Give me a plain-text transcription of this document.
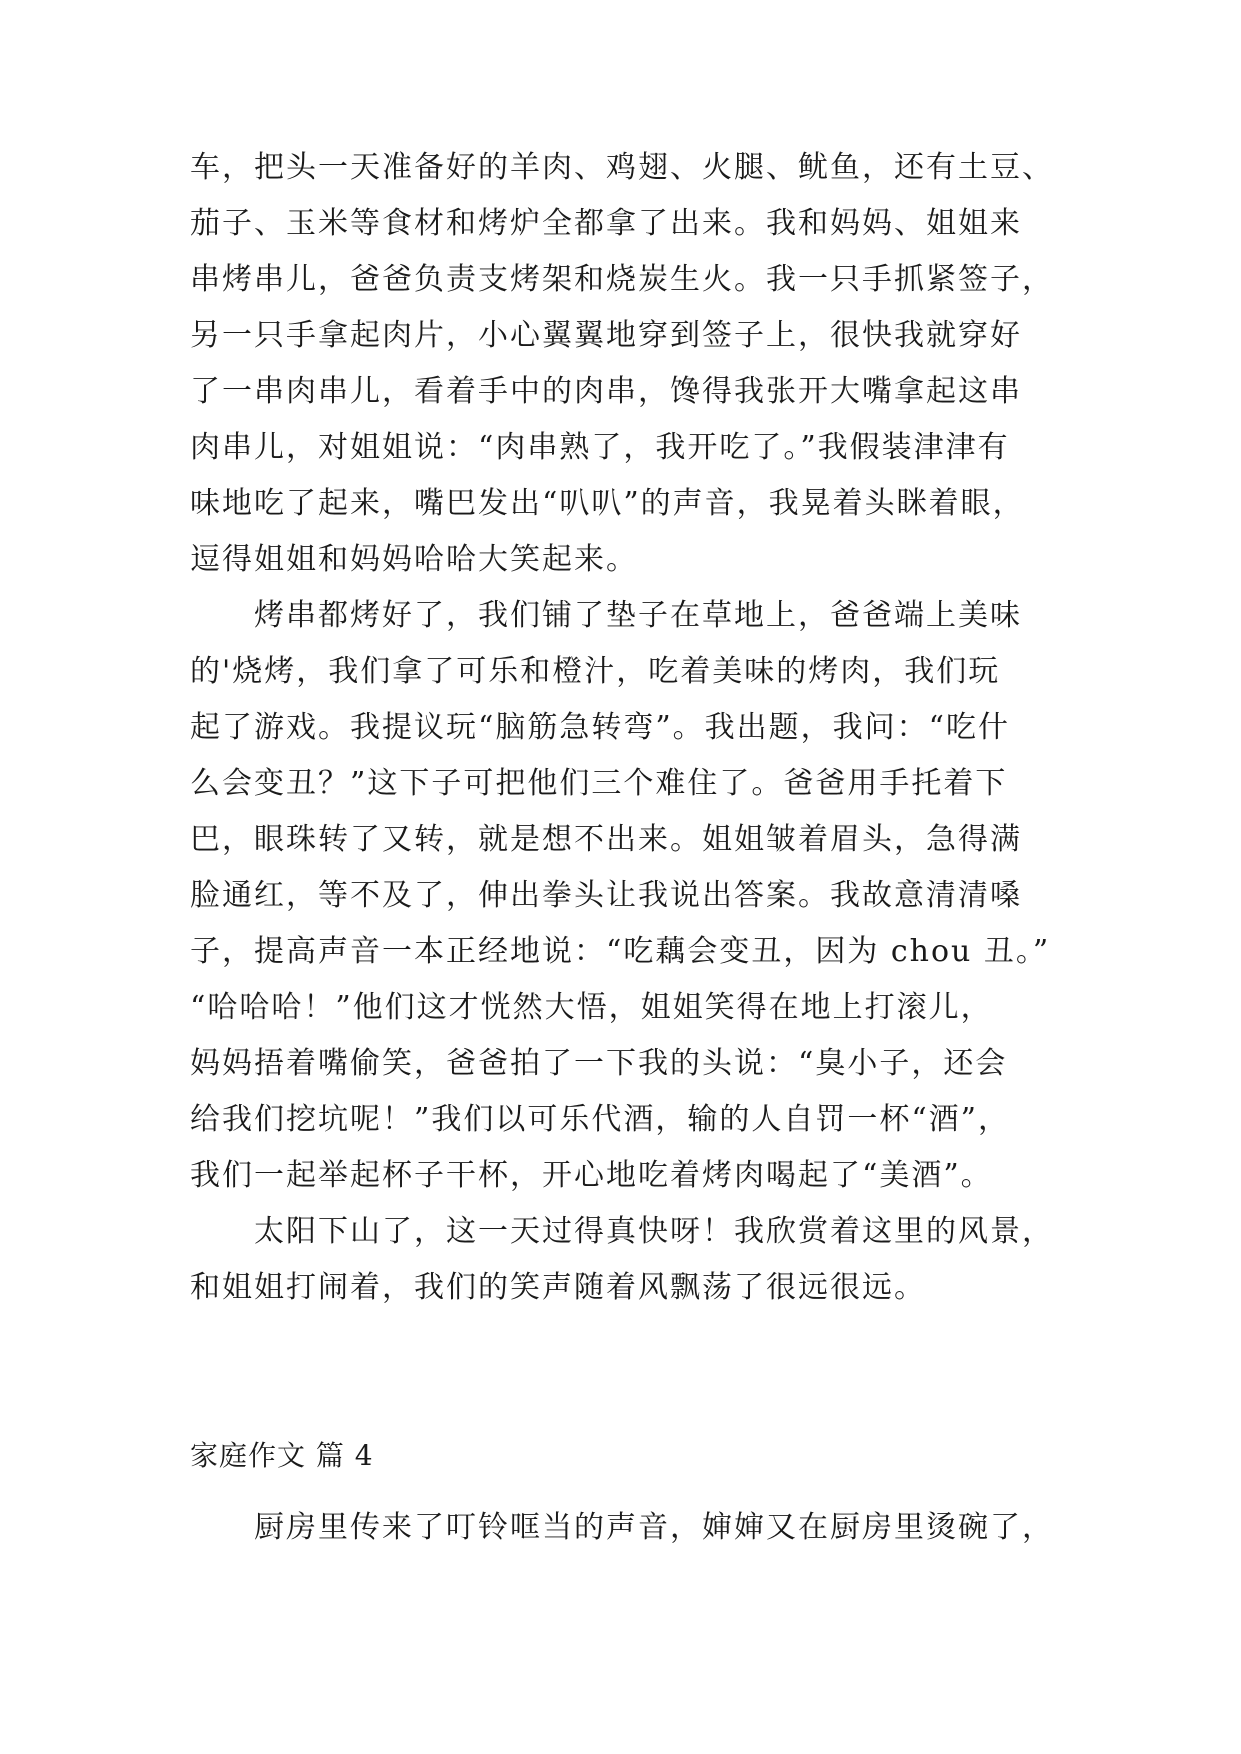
车，把头一天准备好的羊肉、鸡翅、火腿、鱿鱼，还有土豆、
茄子、玉米等食材和烤炉全都拿了出来。我和妈妈、姐姐来
串烤串儿，爸爸负责支烤架和烧炭生火。我一只手抓紧签子，
另一只手拿起肉片，小心翼翼地穿到签子上，很快我就穿好
了一串肉串儿，看着手中的肉串，馋得我张开大嘴拿起这串
肉串儿，对姐姐说：“肉串熟了，我开吃了。”我假装津津有
味地吃了起来，嘴巴发出“叭叭”的声音，我晃着头眯着眼，
逗得姐姐和妈妈哈哈大笑起来。

烤串都烤好了，我们铺了垫子在草地上，爸爸端上美味
的'烧烤，我们拿了可乐和橙汁，吃着美味的烤肉，我们玩
起了游戏。我提议玩“脑筋急转弯”。我出题，我问：“吃什
么会变丑？”这下子可把他们三个难住了。爸爸用手托着下
巴，眼珠转了又转，就是想不出来。姐姐皱着眉头，急得满
脸通红，等不及了，伸出拳头让我说出答案。我故意清清嗓
子，提高声音一本正经地说：“吃藕会变丑，因为 chou 丑。”
“哈哈哈！”他们这才恍然大悟，姐姐笑得在地上打滚儿，
妈妈捂着嘴偷笑，爸爸拍了一下我的头说：“臭小子，还会
给我们挖坑呢！”我们以可乐代酒，输的人自罚一杯“酒”，
我们一起举起杯子干杯，开心地吃着烤肉喝起了“美酒”。

太阳下山了，这一天过得真快呀！我欣赏着这里的风景，
和姐姐打闹着，我们的笑声随着风飘荡了很远很远。

家庭作文 篇 4

厨房里传来了叮铃哐当的声音，婶婶又在厨房里烫碗了，
